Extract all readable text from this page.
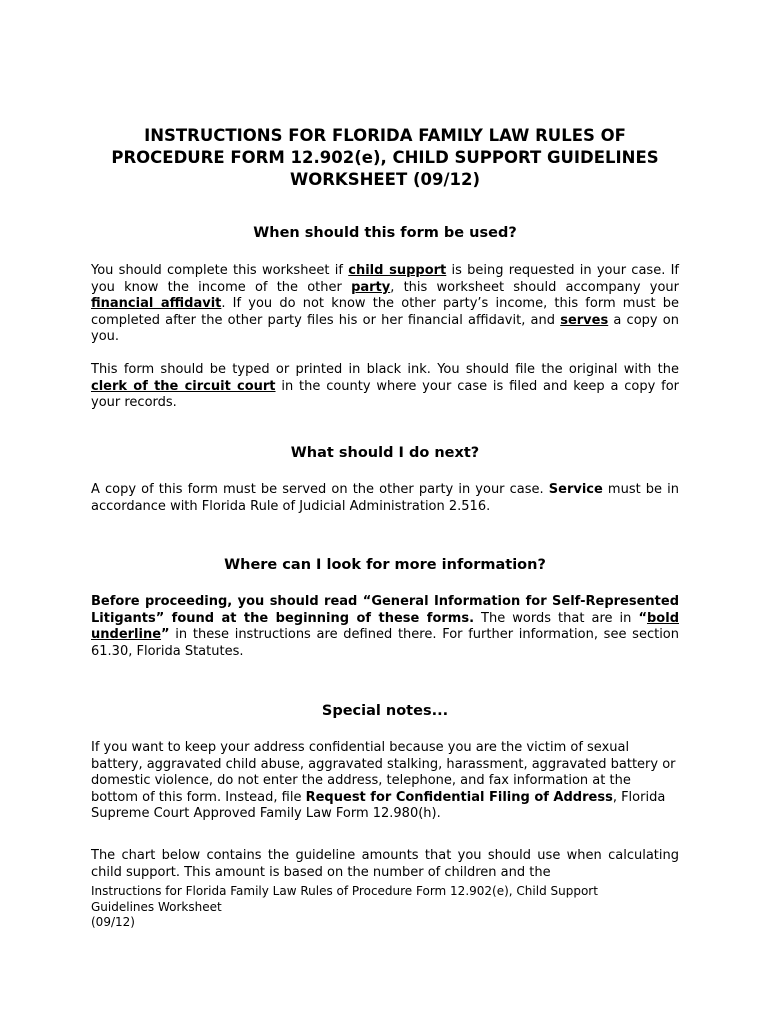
INSTRUCTIONS FOR FLORIDA FAMILY LAW RULES OF
PROCEDURE FORM 12.902(e), CHILD SUPPORT GUIDELINES
WORKSHEET (09/12)
When should this form be used?
You should complete this worksheet if child support is being requested in your case. If you know the income of the other party, this worksheet should accompany your financial affidavit. If you do not know the other party’s income, this form must be completed after the other party files his or her financial affidavit, and serves a copy on you.
This form should be typed or printed in black ink. You should file the original with the clerk of the circuit court in the county where your case is filed and keep a copy for your records.
What should I do next?
A copy of this form must be served on the other party in your case. Service must be in accordance with Florida Rule of Judicial Administration 2.516.
Where can I look for more information?
Before proceeding, you should read “General Information for Self-Represented Litigants” found at the beginning of these forms. The words that are in “bold underline” in these instructions are defined there. For further information, see section 61.30, Florida Statutes.
Special notes...
If you want to keep your address confidential because you are the victim of sexual battery, aggravated child abuse, aggravated stalking, harassment, aggravated battery or domestic violence, do not enter the address, telephone, and fax information at the bottom of this form. Instead, file Request for Confidential Filing of Address, Florida Supreme Court Approved Family Law Form 12.980(h).
The chart below contains the guideline amounts that you should use when calculating child support. This amount is based on the number of children and the
Instructions for Florida Family Law Rules of Procedure Form 12.902(e), Child Support
Guidelines Worksheet
(09/12)
